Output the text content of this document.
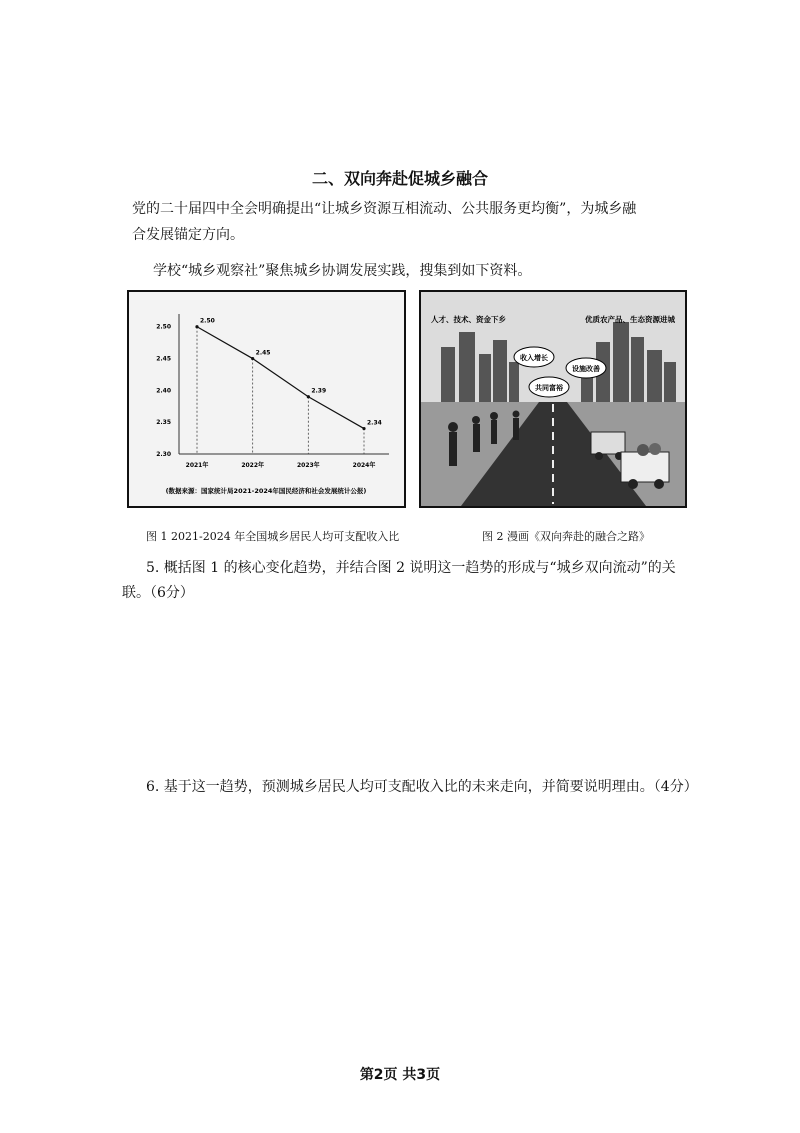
二、双向奔赴促城乡融合
党的二十届四中全会明确提出“让城乡资源互相流动、公共服务更均衡”，为城乡融
合发展锚定方向。
学校“城乡观察社”聚焦城乡协调发展实践，搜集到如下资料。
2.30
2.35
2.40
2.45
2.50
2021年	2022年	2023年	2024年
2.50
2.45
2.39
2.34
(数据来源：国家统计局2021-2024年国民经济和社会发展统计公报)
人才、技术、资金下乡	优质农产品、生态资源进城
收入增长
设施改善
共同富裕
图 1 2021-2024 年全国城乡居民人均可支配收入比	图 2 漫画《双向奔赴的融合之路》
5. 概括图 1 的核心变化趋势，并结合图 2 说明这一趋势的形成与“城乡双向流动”的关
联。（6分）
6. 基于这一趋势，预测城乡居民人均可支配收入比的未来走向，并简要说明理由。（4分）
第2页 共3页
